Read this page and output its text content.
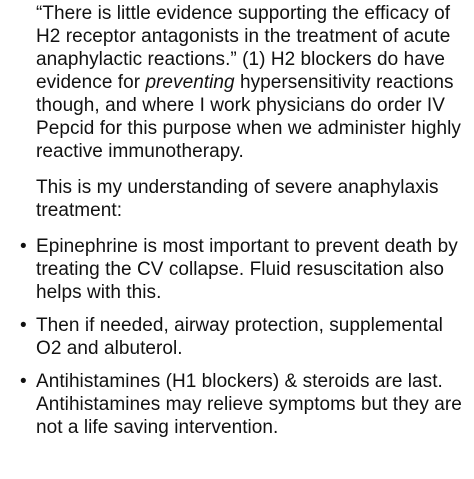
“There is little evidence supporting the efficacy of H2 receptor antagonists in the treatment of acute anaphylactic reactions.” (1) H2 blockers do have evidence for preventing hypersensitivity reactions though, and where I work physicians do order IV Pepcid for this purpose when we administer highly reactive immunotherapy.

This is my understanding of severe anaphylaxis treatment:

• Epinephrine is most important to prevent death by treating the CV collapse. Fluid resuscitation also helps with this.
• Then if needed, airway protection, supplemental O2 and albuterol.
• Antihistamines (H1 blockers) & steroids are last. Antihistamines may relieve symptoms but they are not a life saving intervention.
